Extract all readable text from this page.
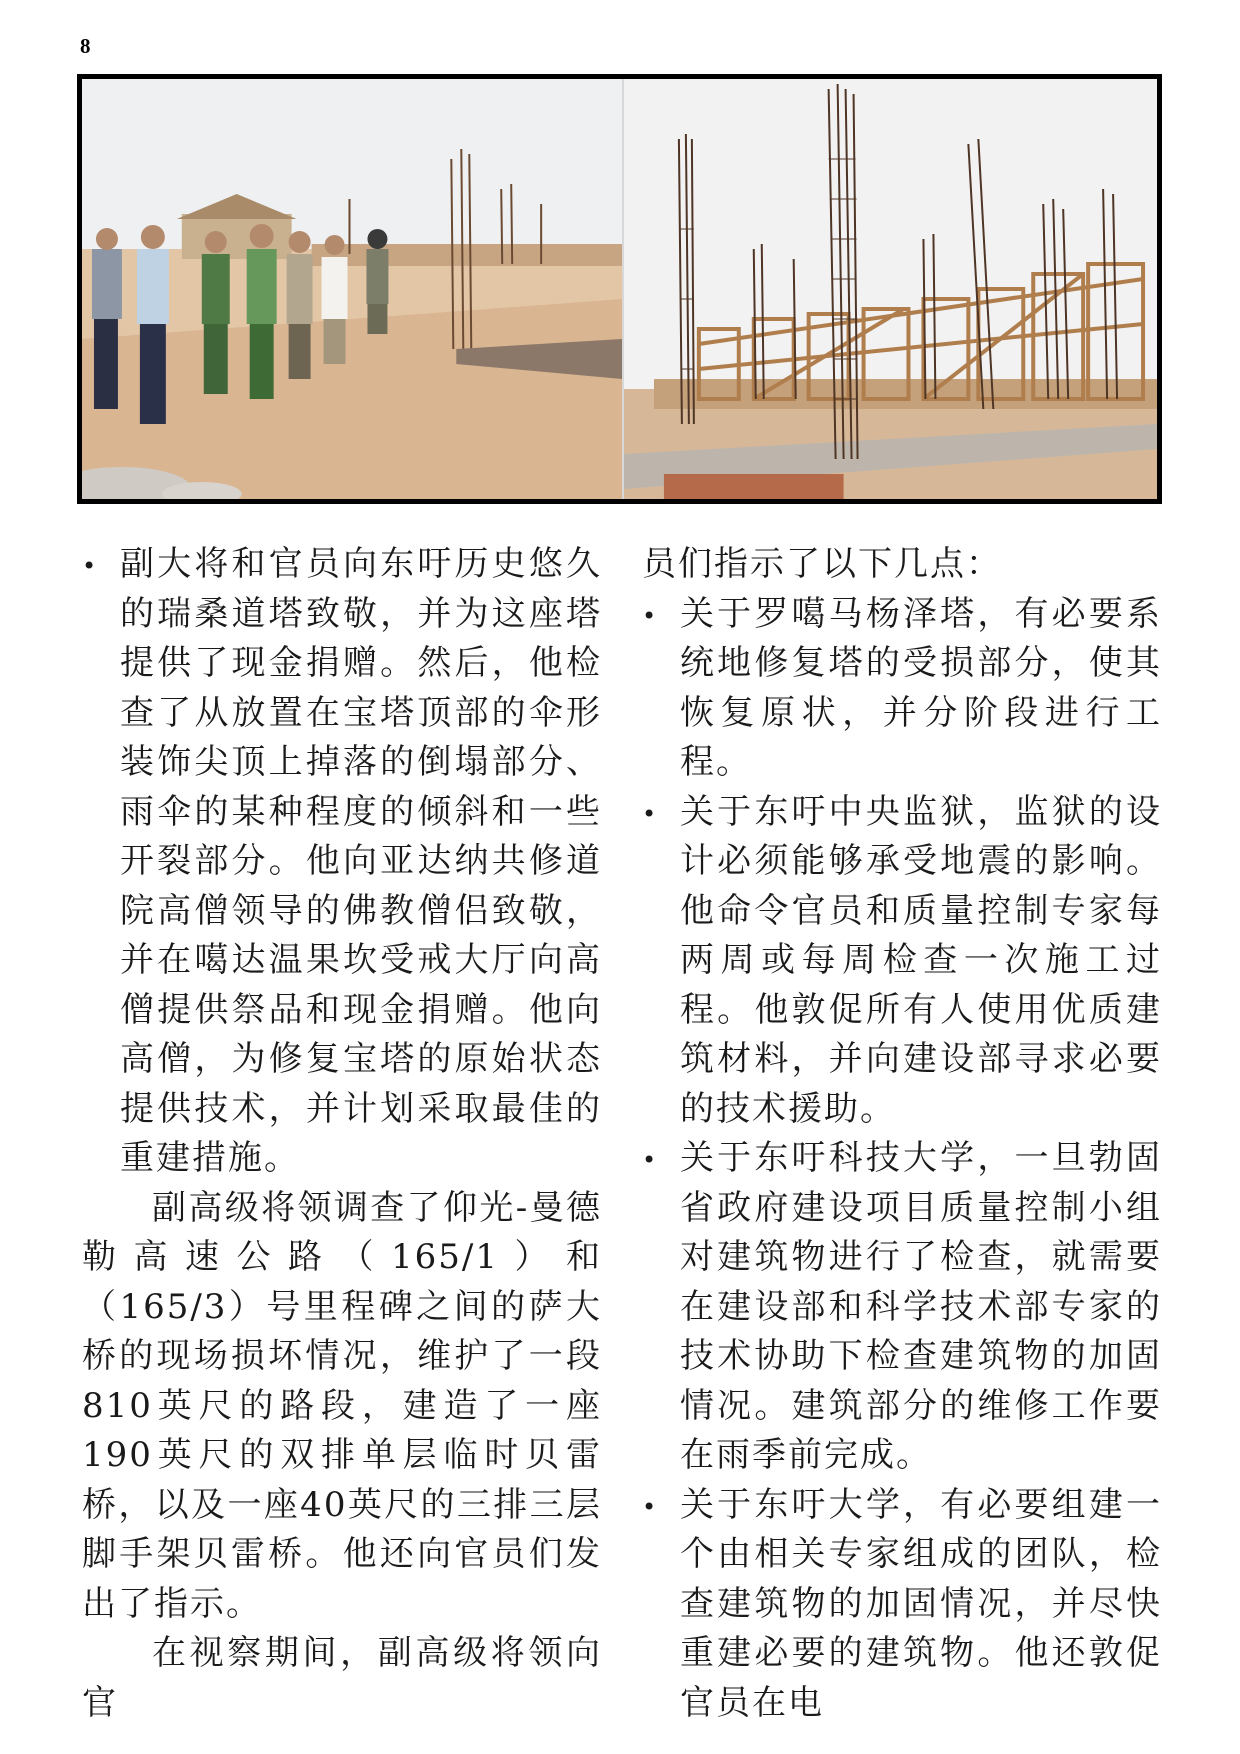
8

• 副大将和官员向东吁历史悠久的瑞桑道塔致敬，并为这座塔提供了现金捐赠。然后，他检查了从放置在宝塔顶部的伞形装饰尖顶上掉落的倒塌部分、雨伞的某种程度的倾斜和一些开裂部分。他向亚达纳共修道院高僧领导的佛教僧侣致敬，并在噶达温果坎受戒大厅向高僧提供祭品和现金捐赠。他向高僧，为修复宝塔的原始状态提供技术，并计划采取最佳的重建措施。

副高级将领调查了仰光-曼德勒高速公路（165/1）和（165/3）号里程碑之间的萨大桥的现场损坏情况，维护了一段810英尺的路段，建造了一座190英尺的双排单层临时贝雷桥，以及一座40英尺的三排三层脚手架贝雷桥。他还向官员们发出了指示。

在视察期间，副高级将领向官

员们指示了以下几点：

• 关于罗噶马杨泽塔，有必要系统地修复塔的受损部分，使其恢复原状，并分阶段进行工程。

• 关于东吁中央监狱，监狱的设计必须能够承受地震的影响。他命令官员和质量控制专家每两周或每周检查一次施工过程。他敦促所有人使用优质建筑材料，并向建设部寻求必要的技术援助。

• 关于东吁科技大学，一旦勃固省政府建设项目质量控制小组对建筑物进行了检查，就需要在建设部和科学技术部专家的技术协助下检查建筑物的加固情况。建筑部分的维修工作要在雨季前完成。

• 关于东吁大学，有必要组建一个由相关专家组成的团队，检查建筑物的加固情况，并尽快重建必要的建筑物。他还敦促官员在电
